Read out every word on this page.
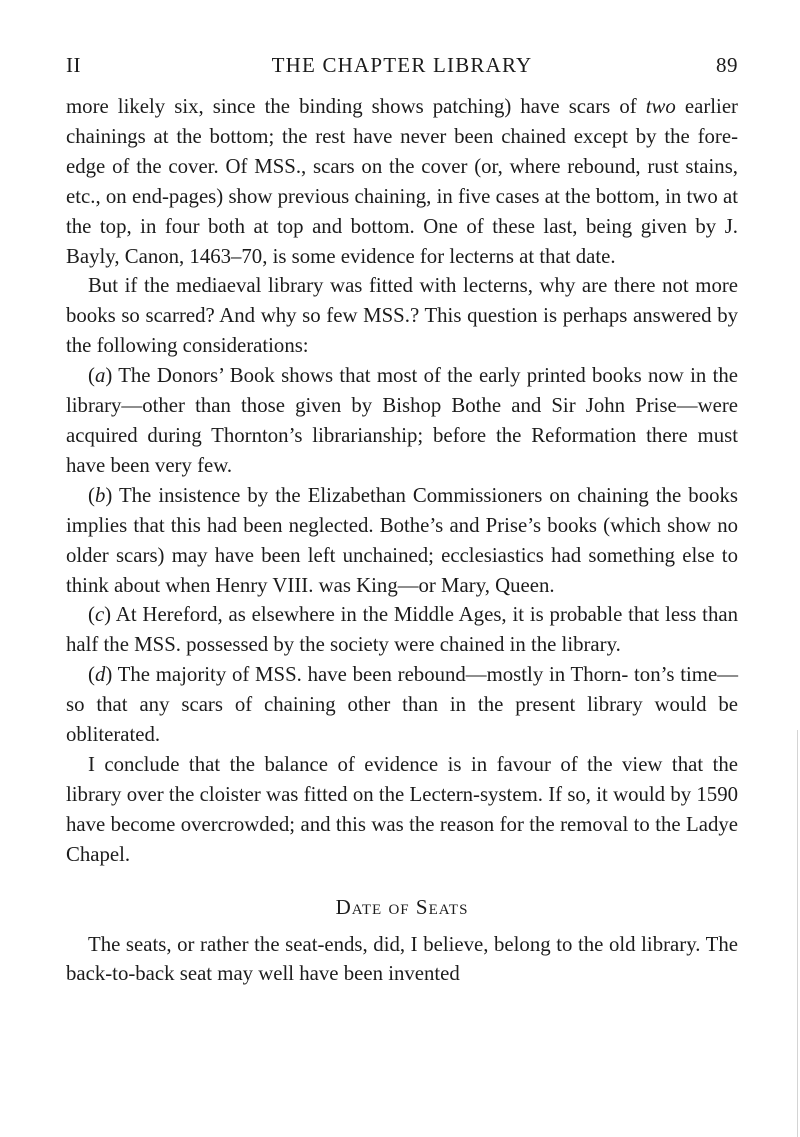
II	THE CHAPTER LIBRARY	89

more likely six, since the binding shows patching) have scars of two earlier chainings at the bottom; the rest have never been chained except by the fore-edge of the cover. Of MSS., scars on the cover (or, where rebound, rust stains, etc., on end-pages) show previous chaining, in five cases at the bottom, in two at the top, in four both at top and bottom. One of these last, being given by J. Bayly, Canon, 1463–70, is some evidence for lecterns at that date.

But if the mediaeval library was fitted with lecterns, why are there not more books so scarred? And why so few MSS.? This question is perhaps answered by the following considerations:

(a) The Donors’ Book shows that most of the early printed books now in the library—other than those given by Bishop Bothe and Sir John Prise—were acquired during Thornton’s librarianship; before the Reformation there must have been very few.

(b) The insistence by the Elizabethan Commissioners on chaining the books implies that this had been neglected. Bothe’s and Prise’s books (which show no older scars) may have been left unchained; ecclesiastics had something else to think about when Henry VIII. was King—or Mary, Queen.

(c) At Hereford, as elsewhere in the Middle Ages, it is probable that less than half the MSS. possessed by the society were chained in the library.

(d) The majority of MSS. have been rebound—mostly in Thorn- ton’s time—so that any scars of chaining other than in the present library would be obliterated.

I conclude that the balance of evidence is in favour of the view that the library over the cloister was fitted on the Lectern-system. If so, it would by 1590 have become overcrowded; and this was the reason for the removal to the Ladye Chapel.

Date of Seats

The seats, or rather the seat-ends, did, I believe, belong to the old library. The back-to-back seat may well have been invented
